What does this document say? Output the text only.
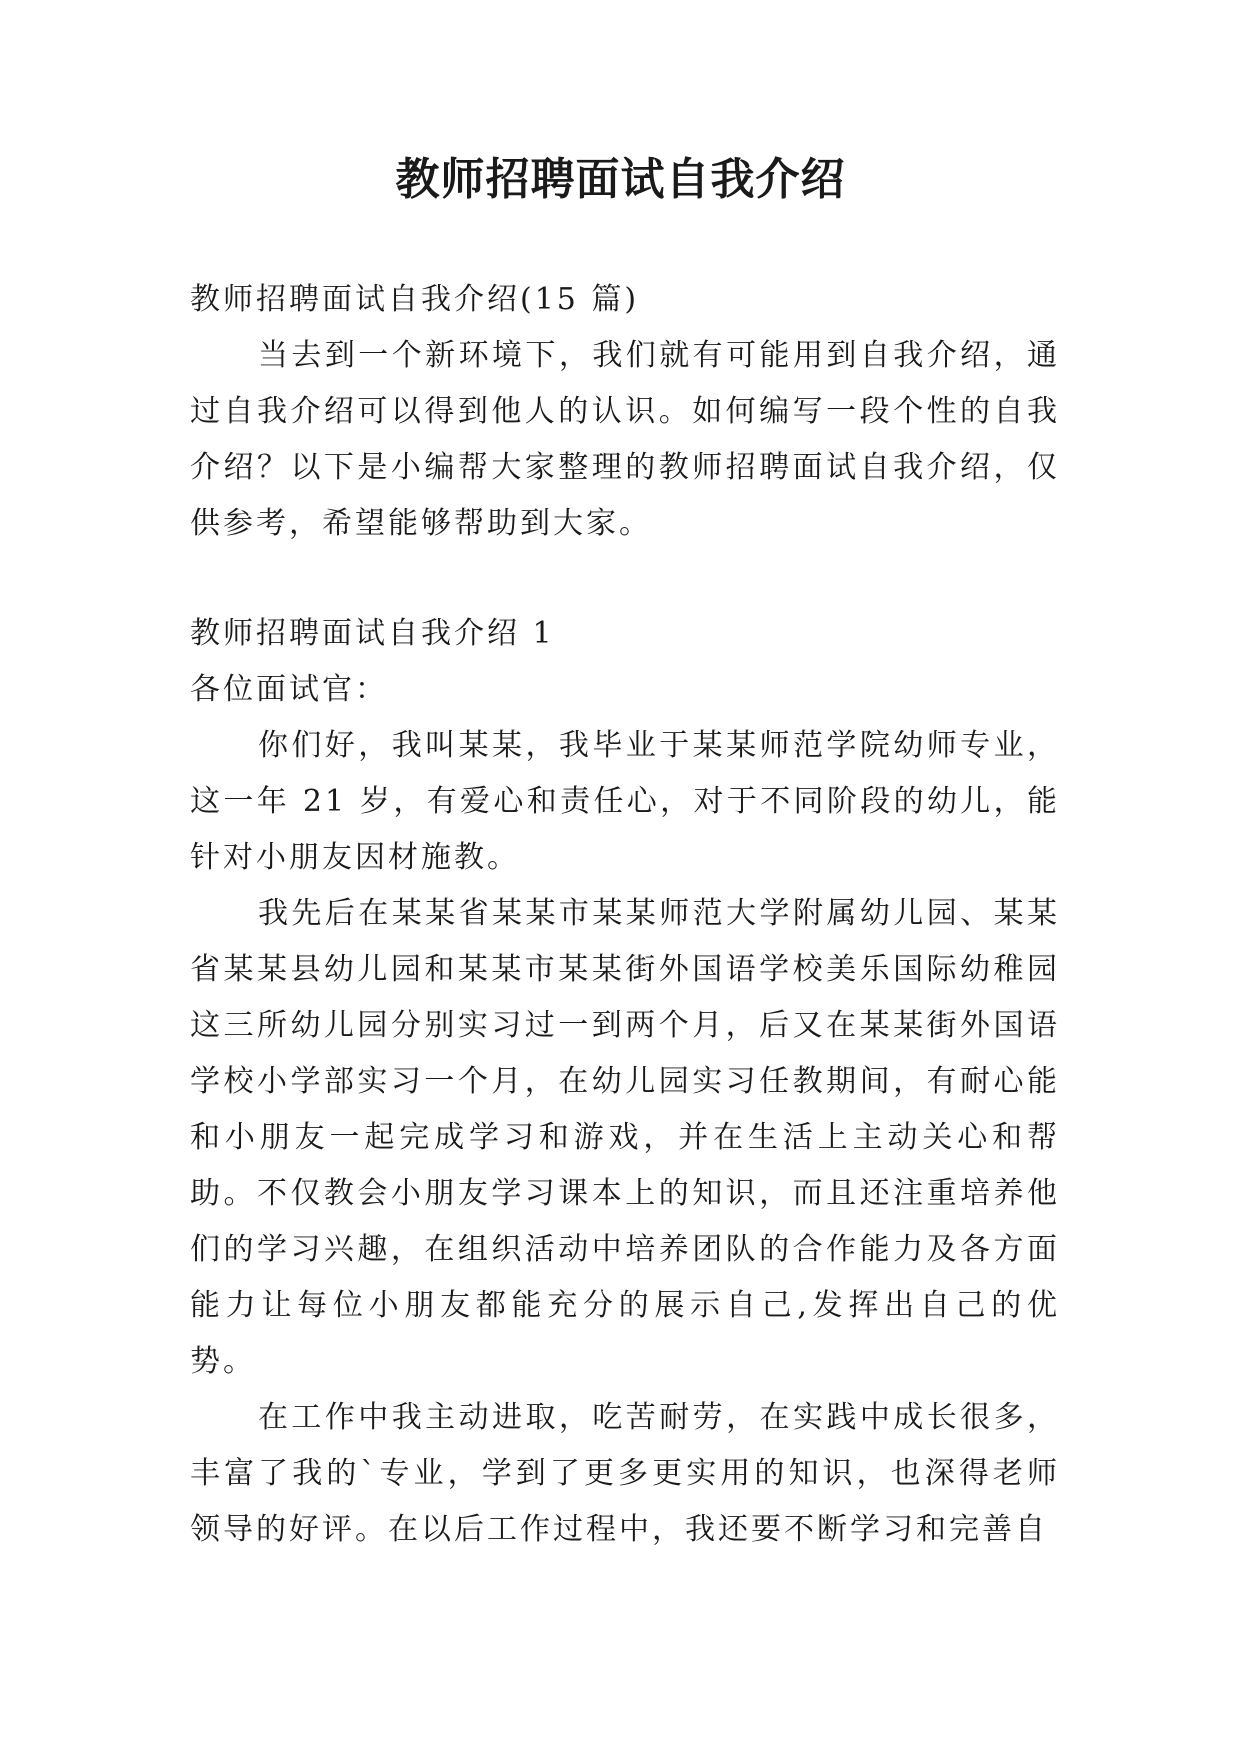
教师招聘面试自我介绍

教师招聘面试自我介绍(15 篇)

当去到一个新环境下，我们就有可能用到自我介绍，通过自我介绍可以得到他人的认识。如何编写一段个性的自我介绍？以下是小编帮大家整理的教师招聘面试自我介绍，仅供参考，希望能够帮助到大家。

教师招聘面试自我介绍 1

各位面试官：

你们好，我叫某某，我毕业于某某师范学院幼师专业，这一年 21 岁，有爱心和责任心，对于不同阶段的幼儿，能针对小朋友因材施教。

我先后在某某省某某市某某师范大学附属幼儿园、某某省某某县幼儿园和某某市某某街外国语学校美乐国际幼稚园这三所幼儿园分别实习过一到两个月，后又在某某街外国语学校小学部实习一个月，在幼儿园实习任教期间，有耐心能和小朋友一起完成学习和游戏，并在生活上主动关心和帮助。不仅教会小朋友学习课本上的知识，而且还注重培养他们的学习兴趣，在组织活动中培养团队的合作能力及各方面能力让每位小朋友都能充分的展示自己,发挥出自己的优势。

在工作中我主动进取，吃苦耐劳，在实践中成长很多，丰富了我的`专业，学到了更多更实用的知识，也深得老师领导的好评。在以后工作过程中，我还要不断学习和完善自
